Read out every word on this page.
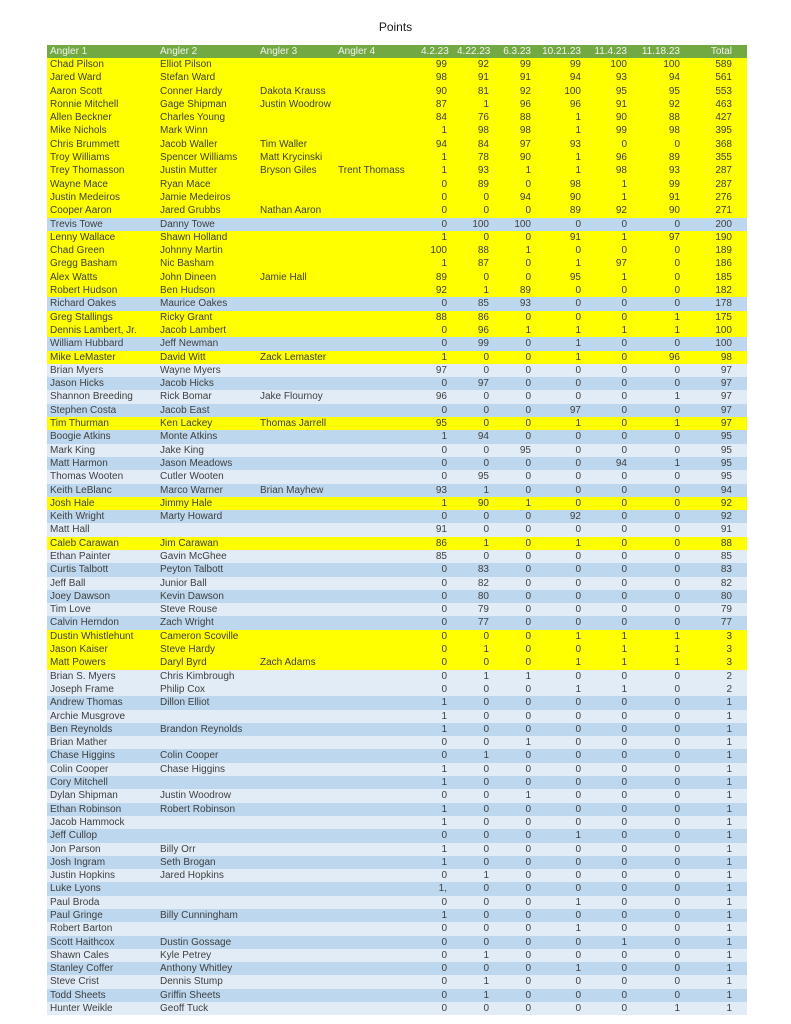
Points
Angler 1	Angler 2	Angler 3	Angler 4	4.2.23	4.22.23	6.3.23	10.21.23	11.4.23	11.18.23	Total
Chad Pilson	Elliot Pilson			99	92	99	99	100	100	589
Jared Ward	Stefan Ward			98	91	91	94	93	94	561
Aaron Scott	Conner Hardy	Dakota Krauss		90	81	92	100	95	95	553
Ronnie Mitchell	Gage Shipman	Justin Woodrow		87	1	96	96	91	92	463
Allen Beckner	Charles Young			84	76	88	1	90	88	427
Mike Nichols	Mark Winn			1	98	98	1	99	98	395
Chris Brummett	Jacob Waller	Tim Waller		94	84	97	93	0	0	368
Troy Williams	Spencer Williams	Matt Krycinski		1	78	90	1	96	89	355
Trey Thomasson	Justin Mutter	Bryson Giles	Trent Thomass	1	93	1	1	98	93	287
Wayne Mace	Ryan Mace			0	89	0	98	1	99	287
Justin Medeiros	Jamie Medeiros			0	0	94	90	1	91	276
Cooper Aaron	Jared Grubbs	Nathan Aaron		0	0	0	89	92	90	271
Trevis Towe	Danny Towe			0	100	100	0	0	0	200
Lenny Wallace	Shawn Holland			1	0	0	91	1	97	190
Chad Green	Johnny Martin			100	88	1	0	0	0	189
Gregg Basham	Nic Basham			1	87	0	1	97	0	186
Alex Watts	John Dineen	Jamie Hall		89	0	0	95	1	0	185
Robert Hudson	Ben Hudson			92	1	89	0	0	0	182
Richard Oakes	Maurice Oakes			0	85	93	0	0	0	178
Greg Stallings	Ricky Grant			88	86	0	0	0	1	175
Dennis Lambert, Jr.	Jacob Lambert			0	96	1	1	1	1	100
William Hubbard	Jeff Newman			0	99	0	1	0	0	100
Mike LeMaster	David Witt	Zack Lemaster		1	0	0	1	0	96	98
Brian Myers	Wayne Myers			97	0	0	0	0	0	97
Jason Hicks	Jacob Hicks			0	97	0	0	0	0	97
Shannon Breeding	Rick Bomar	Jake Flournoy		96	0	0	0	0	1	97
Stephen Costa	Jacob East			0	0	0	97	0	0	97
Tim Thurman	Ken Lackey	Thomas Jarrell		95	0	0	1	0	1	97
Boogie Atkins	Monte Atkins			1	94	0	0	0	0	95
Mark King	Jake King			0	0	95	0	0	0	95
Matt Harmon	Jason Meadows			0	0	0	0	94	1	95
Thomas Wooten	Cutler Wooten			0	95	0	0	0	0	95
Keith LeBlanc	Marco Warner	Brian Mayhew		93	1	0	0	0	0	94
Josh Hale	Jimmy Hale			1	90	1	0	0	0	92
Keith Wright	Marty Howard			0	0	0	92	0	0	92
Matt Hall				91	0	0	0	0	0	91
Caleb Carawan	Jim Carawan			86	1	0	1	0	0	88
Ethan Painter	Gavin McGhee			85	0	0	0	0	0	85
Curtis Talbott	Peyton Talbott			0	83	0	0	0	0	83
Jeff Ball	Junior Ball			0	82	0	0	0	0	82
Joey Dawson	Kevin Dawson			0	80	0	0	0	0	80
Tim Love	Steve Rouse			0	79	0	0	0	0	79
Calvin Herndon	Zach Wright			0	77	0	0	0	0	77
Dustin Whistlehunt	Cameron Scoville			0	0	0	1	1	1	3
Jason Kaiser	Steve Hardy			0	1	0	0	1	1	3
Matt Powers	Daryl Byrd	Zach Adams		0	0	0	1	1	1	3
Brian S. Myers	Chris Kimbrough			0	1	1	0	0	0	2
Joseph Frame	Philip Cox			0	0	0	1	1	0	2
Andrew Thomas	Dillon Elliot			1	0	0	0	0	0	1
Archie Musgrove				1	0	0	0	0	0	1
Ben Reynolds	Brandon Reynolds			1	0	0	0	0	0	1
Brian Mather				0	0	1	0	0	0	1
Chase Higgins	Colin Cooper			0	1	0	0	0	0	1
Colin Cooper	Chase Higgins			1	0	0	0	0	0	1
Cory Mitchell				1	0	0	0	0	0	1
Dylan Shipman	Justin Woodrow			0	0	1	0	0	0	1
Ethan Robinson	Robert Robinson			1	0	0	0	0	0	1
Jacob Hammock				1	0	0	0	0	0	1
Jeff Cullop				0	0	0	1	0	0	1
Jon Parson	Billy Orr			1	0	0	0	0	0	1
Josh Ingram	Seth Brogan			1	0	0	0	0	0	1
Justin Hopkins	Jared Hopkins			0	1	0	0	0	0	1
Luke Lyons				1,	0	0	0	0	0	1
Paul Broda				0	0	0	1	0	0	1
Paul Gringe	Billy Cunningham			1	0	0	0	0	0	1
Robert Barton				0	0	0	1	0	0	1
Scott Haithcox	Dustin Gossage			0	0	0	0	1	0	1
Shawn Cales	Kyle Petrey			0	1	0	0	0	0	1
Stanley Coffer	Anthony Whitley			0	0	0	1	0	0	1
Steve Crist	Dennis Stump			0	1	0	0	0	0	1
Todd Sheets	Griffin Sheets			0	1	0	0	0	0	1
Hunter Weikle	Geoff Tuck			0	0	0	0	0	1	1
